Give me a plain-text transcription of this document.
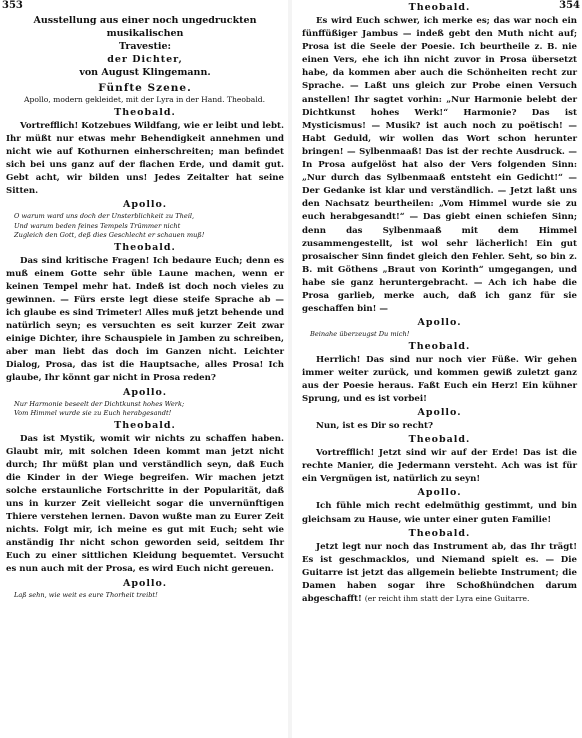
353

Ausstellung aus einer noch ungedruckten musikalischen

Travestie:

der Dichter,

von August Klingemann.

Fünfte Szene.

Apollo, modern gekleidet, mit der Lyra in der Hand. Theobald.

Theobald.

Vortrefflich! Kotzebues Wildfang, wie er leibt und lebt. Ihr müßt nur etwas mehr Behendigkeit annehmen und nicht wie auf Kothurnen einherschreiten; man befindet sich bei uns ganz auf der flachen Erde, und damit gut. Gebt acht, wir bilden uns! Jedes Zeitalter hat seine Sitten.

Apollo.

O warum ward uns doch der Unsterblichkeit zu Theil,

Und warum beden feines Tempels Trümmer nicht

Zugleich den Gott, deß dies Geschlecht er schauen muß!

Theobald.

Das sind kritische Fragen! Ich bedaure Euch; denn es muß einem Gotte sehr üble Laune machen, wenn er keinen Tempel mehr hat. Indeß ist doch noch vieles zu gewinnen. — Fürs erste legt diese steife Sprache ab — ich glaube es sind Trimeter! Alles muß jetzt behende und natürlich seyn; es versuchten es seit kurzer Zeit zwar einige Dichter, ihre Schauspiele in Jamben zu schreiben, aber man liebt das doch im Ganzen nicht. Leichter Dialog, Prosa, das ist die Hauptsache, alles Prosa! Ich glaube, Ihr könnt gar nicht in Prosa reden?

Apollo.

Nur Harmonie beseelt der Dichtkunst hohes Werk;

Vom Himmel wurde sie zu Euch herabgesandt!

Theobald.

Das ist Mystik, womit wir nichts zu schaffen haben. Glaubt mir, mit solchen Ideen kommt man jetzt nicht durch; Ihr müßt plan und verständlich seyn, daß Euch die Kinder in der Wiege begreifen. Wir machen jetzt solche erstaunliche Fortschritte in der Popularität, daß uns in kurzer Zeit vielleicht sogar die unvernünftigen Thiere verstehen lernen. Davon wußte man zu Eurer Zeit nichts. Folgt mir, ich meine es gut mit Euch; seht wie anständig Ihr nicht schon geworden seid, seitdem Ihr Euch zu einer sittlichen Kleidung bequemtet. Versucht es nun auch mit der Prosa, es wird Euch nicht gereuen.

Apollo.

Laß sehn, wie weit es eure Thorheit treibt!

354

Theobald.

Es wird Euch schwer, ich merke es; das war noch ein fünffüßiger Jambus — indeß gebt den Muth nicht auf; Prosa ist die Seele der Poesie. Ich beurtheile z. B. nie einen Vers, ehe ich ihn nicht zuvor in Prosa übersetzt habe, da kommen aber auch die Schönheiten recht zur Sprache. — Laßt uns gleich zur Probe einen Versuch anstellen! Ihr sagtet vorhin: „Nur Harmonie belebt der Dichtkunst hohes Werk!“ Harmonie? Das ist Mysticismus! — Musik? ist auch noch zu poëtisch! — Habt Geduld, wir wollen das Wort schon herunter bringen! — Sylbenmaaß! Das ist der rechte Ausdruck. — In Prosa aufgelöst hat also der Vers folgenden Sinn: „Nur durch das Sylbenmaaß entsteht ein Gedicht!“ — Der Gedanke ist klar und verständlich. — Jetzt laßt uns den Nachsatz beurtheilen: „Vom Himmel wurde sie zu euch herabgesandt!“ — Das giebt einen schiefen Sinn; denn das Sylbenmaaß mit dem Himmel zusammengestellt, ist wol sehr lächerlich! Ein gut prosaischer Sinn findet gleich den Fehler. Seht, so bin z. B. mit Göthens „Braut von Korinth“ umgegangen, und habe sie ganz heruntergebracht. — Ach ich habe die Prosa garlieb, merke auch, daß ich ganz für sie geschaffen bin! —

Apollo.

Beinahe überzeugst Du mich!

Theobald.

Herrlich! Das sind nur noch vier Füße. Wir gehen immer weiter zurück, und kommen gewiß zuletzt ganz aus der Poesie heraus. Faßt Euch ein Herz! Ein kühner Sprung, und es ist vorbei!

Apollo.

Nun, ist es Dir so recht?

Theobald.

Vortrefflich! Jetzt sind wir auf der Erde! Das ist die rechte Manier, die Jedermann versteht. Ach was ist für ein Vergnügen ist, natürlich zu seyn!

Apollo.

Ich fühle mich recht edelmüthig gestimmt, und bin gleichsam zu Hause, wie unter einer guten Familie!

Theobald.

Jetzt legt nur noch das Instrument ab, das Ihr trägt! Es ist geschmacklos, und Niemand spielt es. — Die Guitarre ist jetzt das allgemein beliebte Instrument; die Damen haben sogar ihre Schoßhündchen darum abgeschafft! (er reicht ihm statt der Lyra eine Guitarre.
